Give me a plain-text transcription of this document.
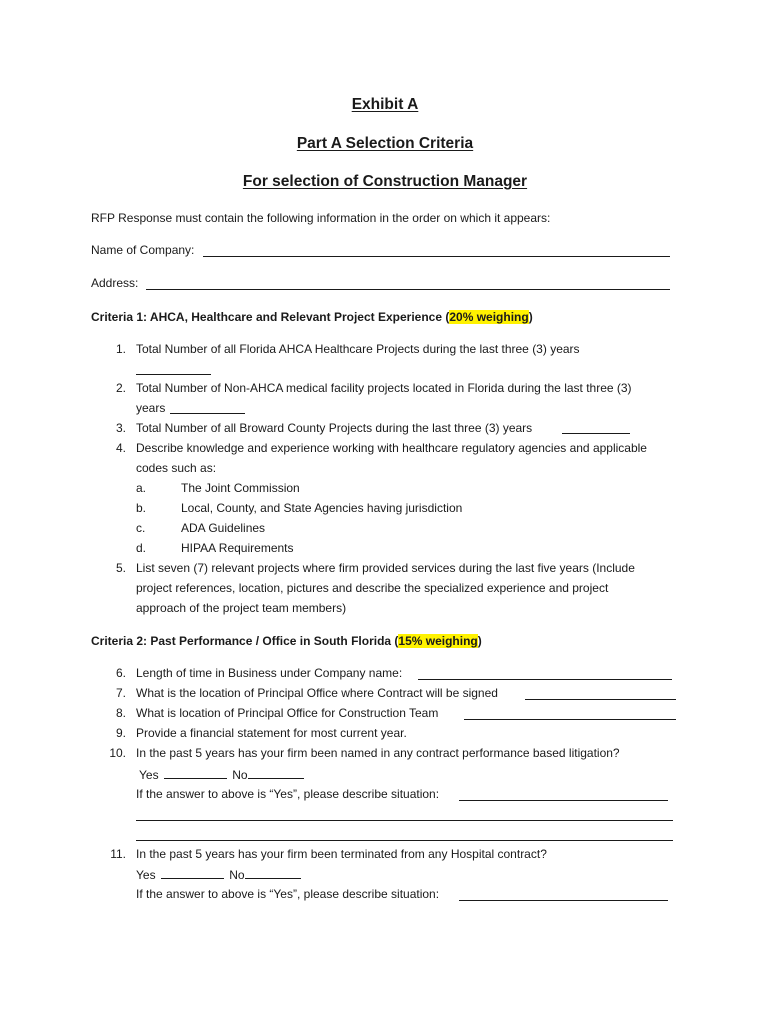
Exhibit A
Part A Selection Criteria
For selection of Construction Manager
RFP Response must contain the following information in the order on which it appears:
Name of Company:
Address:
Criteria 1: AHCA, Healthcare and Relevant Project Experience (20% weighing)
1. Total Number of all Florida AHCA Healthcare Projects during the last three (3) years
2. Total Number of Non-AHCA medical facility projects located in Florida during the last three (3)
years
3. Total Number of all Broward County Projects during the last three (3) years
4. Describe knowledge and experience working with healthcare regulatory agencies and applicable
codes such as:
a.	The Joint Commission
b.	Local, County, and State Agencies having jurisdiction
c.	ADA Guidelines
d.	HIPAA Requirements
5. List seven (7) relevant projects where firm provided services during the last five years (Include
project references, location, pictures and describe the specialized experience and project
approach of the project team members)
Criteria 2: Past Performance / Office in South Florida (15% weighing)
6. Length of time in Business under Company name:
7. What is the location of Principal Office where Contract will be signed
8. What is location of Principal Office for Construction Team
9. Provide a financial statement for most current year.
10. In the past 5 years has your firm been named in any contract performance based litigation?
Yes	No
If the answer to above is “Yes”, please describe situation:
11. In the past 5 years has your firm been terminated from any Hospital contract?
Yes	No
If the answer to above is “Yes”, please describe situation:
